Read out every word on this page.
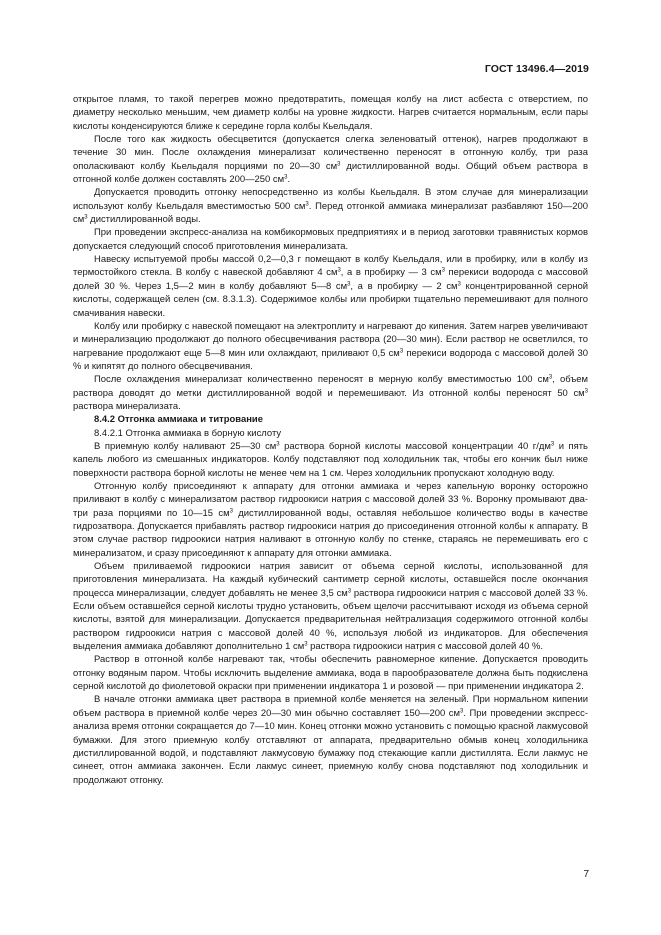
ГОСТ 13496.4—2019

открытое пламя, то такой перегрев можно предотвратить, помещая колбу на лист асбеста с отверстием, по диаметру несколько меньшим, чем диаметр колбы на уровне жидкости. Нагрев считается нормальным, если пары кислоты конденсируются ближе к середине горла колбы Кьельдаля.

После того как жидкость обесцветится (допускается слегка зеленоватый оттенок), нагрев продолжают в течение 30 мин. После охлаждения минерализат количественно переносят в отгонную колбу, три раза ополаскивают колбу Кьельдаля порциями по 20—30 $см^3$ дистиллированной воды. Общий объем раствора в отгонной колбе должен составлять 200—250 $см^3$.

Допускается проводить отгонку непосредственно из колбы Кьельдаля. В этом случае для минерализации используют колбу Кьельдаля вместимостью 500 $см^3$. Перед отгонкой аммиака минерализат разбавляют 150—200 $см^3$ дистиллированной воды.

При проведении экспресс-анализа на комбикормовых предприятиях и в период заготовки травянистых кормов допускается следующий способ приготовления минерализата.

Навеску испытуемой пробы массой 0,2—0,3 г помещают в колбу Кьельдаля, или в пробирку, или в колбу из термостойкого стекла. В колбу с навеской добавляют 4 $см^3$, а в пробирку — 3 $см^3$ перекиси водорода с массовой долей 30 %. Через 1,5—2 мин в колбу добавляют 5—8 $см^3$, а в пробирку — 2 $см^3$ концентрированной серной кислоты, содержащей селен (см. 8.3.1.3). Содержимое колбы или пробирки тщательно перемешивают для полного смачивания навески.

Колбу или пробирку с навеской помещают на электроплиту и нагревают до кипения. Затем нагрев увеличивают и минерализацию продолжают до полного обесцвечивания раствора (20—30 мин). Если раствор не осветлился, то нагревание продолжают еще 5—8 мин или охлаждают, приливают 0,5 $см^3$ перекиси водорода с массовой долей 30 % и кипятят до полного обесцвечивания.

После охлаждения минерализат количественно переносят в мерную колбу вместимостью 100 $см^3$, объем раствора доводят до метки дистиллированной водой и перемешивают. Из отгонной колбы переносят 50 $см^3$ раствора минерализата.

8.4.2 Отгонка аммиака и титрование

8.4.2.1 Отгонка аммиака в борную кислоту

В приемную колбу наливают 25—30 $см^3$ раствора борной кислоты массовой концентрации 40 $г/дм^3$ и пять капель любого из смешанных индикаторов. Колбу подставляют под холодильник так, чтобы его кончик был ниже поверхности раствора борной кислоты не менее чем на 1 см. Через холодильник пропускают холодную воду.

Отгонную колбу присоединяют к аппарату для отгонки аммиака и через капельную воронку осторожно приливают в колбу с минерализатом раствор гидроокиси натрия с массовой долей 33 %. Воронку промывают два-три раза порциями по 10—15 $см^3$ дистиллированной воды, оставляя небольшое количество воды в качестве гидрозатвора. Допускается прибавлять раствор гидроокиси натрия до присоединения отгонной колбы к аппарату. В этом случае раствор гидроокиси натрия наливают в отгонную колбу по стенке, стараясь не перемешивать его с минерализатом, и сразу присоединяют к аппарату для отгонки аммиака.

Объем приливаемой гидроокиси натрия зависит от объема серной кислоты, использованной для приготовления минерализата. На каждый кубический сантиметр серной кислоты, оставшейся после окончания процесса минерализации, следует добавлять не менее 3,5 $см^3$ раствора гидроокиси натрия с массовой долей 33 %. Если объем оставшейся серной кислоты трудно установить, объем щелочи рассчитывают исходя из объема серной кислоты, взятой для минерализации. Допускается предварительная нейтрализация содержимого отгонной колбы раствором гидроокиси натрия с массовой долей 40 %, используя любой из индикаторов. Для обеспечения выделения аммиака добавляют дополнительно 1 $см^3$ раствора гидроокиси натрия с массовой долей 40 %.

Раствор в отгонной колбе нагревают так, чтобы обеспечить равномерное кипение. Допускается проводить отгонку водяным паром. Чтобы исключить выделение аммиака, вода в парообразователе должна быть подкислена серной кислотой до фиолетовой окраски при применении индикатора 1 и розовой — при применении индикатора 2.

В начале отгонки аммиака цвет раствора в приемной колбе меняется на зеленый. При нормальном кипении объем раствора в приемной колбе через 20—30 мин обычно составляет 150—200 $см^3$. При проведении экспресс-анализа время отгонки сокращается до 7—10 мин. Конец отгонки можно установить с помощью красной лакмусовой бумажки. Для этого приемную колбу отставляют от аппарата, предварительно обмыв конец холодильника дистиллированной водой, и подставляют лакмусовую бумажку под стекающие капли дистиллята. Если лакмус не синеет, отгон аммиака закончен. Если лакмус синеет, приемную колбу снова подставляют под холодильник и продолжают отгонку.

7
